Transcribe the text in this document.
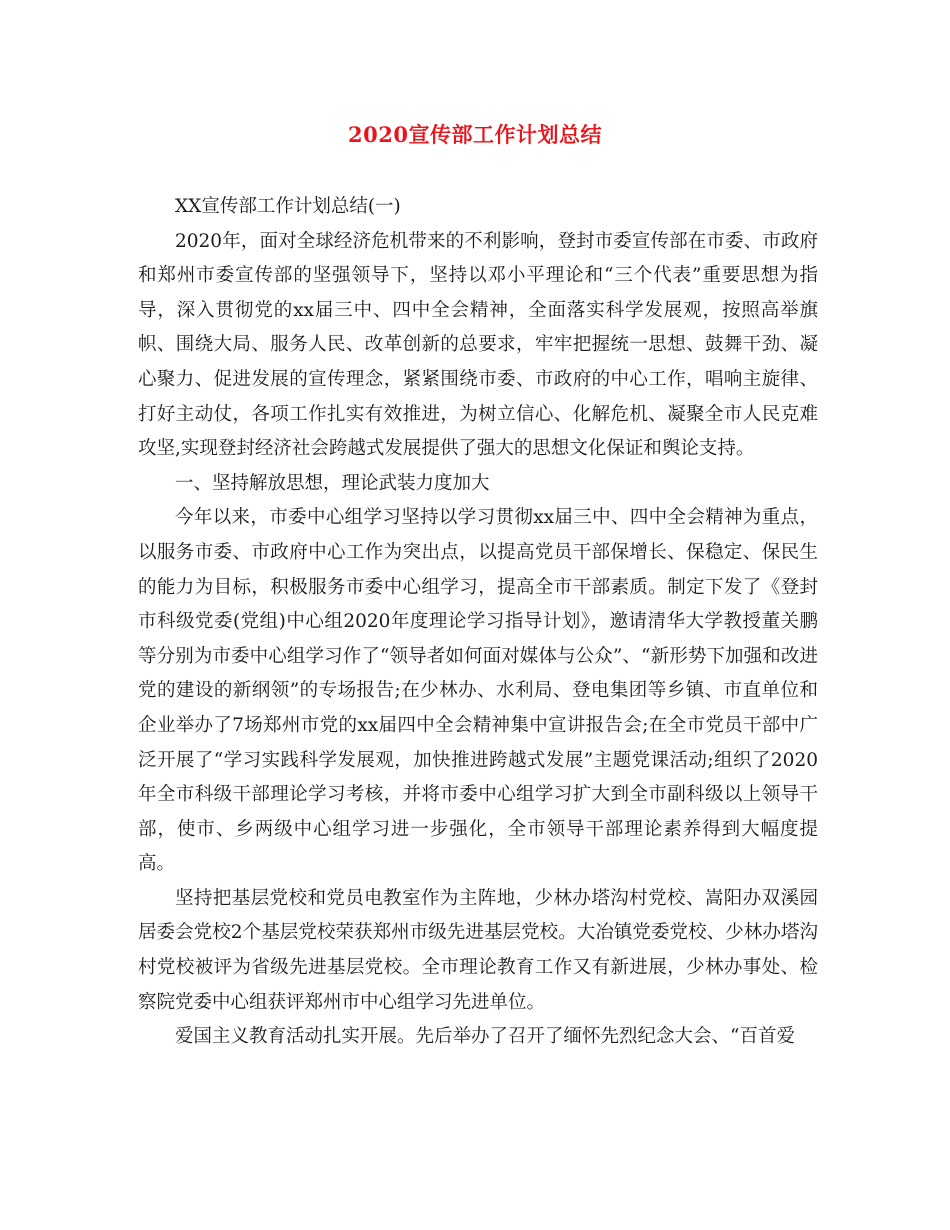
2020宣传部工作计划总结

XX宣传部工作计划总结(一)

2020年，面对全球经济危机带来的不利影响，登封市委宣传部在市委、市政府和郑州市委宣传部的坚强领导下，坚持以邓小平理论和“三个代表”重要思想为指导，深入贯彻党的xx届三中、四中全会精神，全面落实科学发展观，按照高举旗帜、围绕大局、服务人民、改革创新的总要求，牢牢把握统一思想、鼓舞干劲、凝心聚力、促进发展的宣传理念，紧紧围绕市委、市政府的中心工作，唱响主旋律、打好主动仗，各项工作扎实有效推进，为树立信心、化解危机、凝聚全市人民克难攻坚,实现登封经济社会跨越式发展提供了强大的思想文化保证和舆论支持。

一、坚持解放思想，理论武装力度加大

今年以来，市委中心组学习坚持以学习贯彻xx届三中、四中全会精神为重点，以服务市委、市政府中心工作为突出点，以提高党员干部保增长、保稳定、保民生的能力为目标，积极服务市委中心组学习，提高全市干部素质。制定下发了《登封市科级党委(党组)中心组2020年度理论学习指导计划》，邀请清华大学教授董关鹏等分别为市委中心组学习作了“领导者如何面对媒体与公众”、“新形势下加强和改进党的建设的新纲领”的专场报告;在少林办、水利局、登电集团等乡镇、市直单位和企业举办了7场郑州市党的xx届四中全会精神集中宣讲报告会;在全市党员干部中广泛开展了“学习实践科学发展观，加快推进跨越式发展”主题党课活动;组织了2020年全市科级干部理论学习考核，并将市委中心组学习扩大到全市副科级以上领导干部，使市、乡两级中心组学习进一步强化，全市领导干部理论素养得到大幅度提高。

坚持把基层党校和党员电教室作为主阵地，少林办塔沟村党校、嵩阳办双溪园居委会党校2个基层党校荣获郑州市级先进基层党校。大冶镇党委党校、少林办塔沟村党校被评为省级先进基层党校。全市理论教育工作又有新进展，少林办事处、检察院党委中心组获评郑州市中心组学习先进单位。

爱国主义教育活动扎实开展。先后举办了召开了缅怀先烈纪念大会、“百首爱
